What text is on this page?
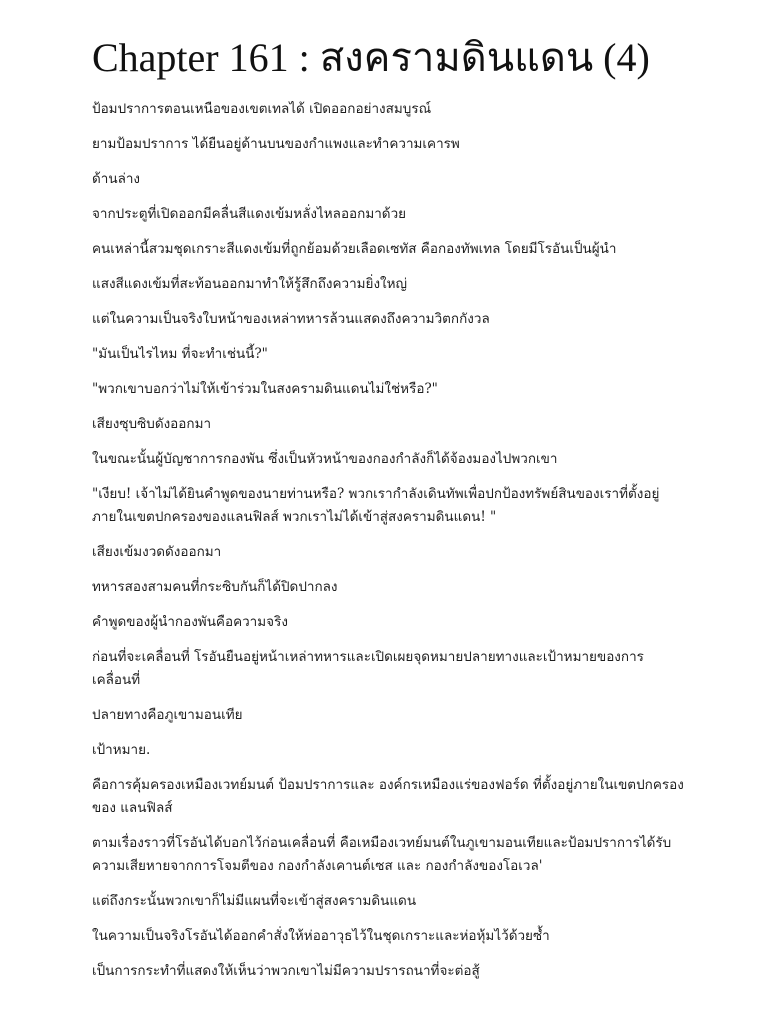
Chapter 161 : สงครามดินแดน (4)

ป้อมปราการตอนเหนือของเขตเทลได้ เปิดออกอย่างสมบูรณ์

ยามป้อมปราการ ได้ยืนอยู่ด้านบนของกำแพงและทำความเคารพ

ด้านล่าง

จากประตูที่เปิดออกมีคลื่นสีแดงเข้มหลั่งไหลออกมาด้วย

คนเหล่านี้สวมชุดเกราะสีแดงเข้มที่ถูกย้อมด้วยเลือดเซทัส คือกองทัพเทล โดยมีโรอันเป็นผู้นำ

แสงสีแดงเข้มที่สะท้อนออกมาทำให้รู้สึกถึงความยิ่งใหญ่

แต่ในความเป็นจริงใบหน้าของเหล่าทหารล้วนแสดงถึงความวิตกกังวล

"มันเป็นไรไหม ที่จะทำเช่นนี้?"

"พวกเขาบอกว่าไม่ให้เข้าร่วมในสงครามดินแดนไม่ใช่หรือ?"

เสียงซุบซิบดังออกมา

ในขณะนั้นผู้บัญชาการกองพัน ซึ่งเป็นหัวหน้าของกองกำลังก็ได้จ้องมองไปพวกเขา

"เงียบ! เจ้าไม่ได้ยินคำพูดของนายท่านหรือ? พวกเรากำลังเดินทัพเพื่อปกป้องทรัพย์สินของเราที่ตั้งอยู่ภายในเขตปกครองของแลนฟิลส์ พวกเราไม่ได้เข้าสู่สงครามดินแดน! "

เสียงเข้มงวดดังออกมา

ทหารสองสามคนที่กระซิบกันก็ได้ปิดปากลง

คำพูดของผู้นำกองพันคือความจริง

ก่อนที่จะเคลื่อนที่ โรอันยืนอยู่หน้าเหล่าทหารและเปิดเผยจุดหมายปลายทางและเป้าหมายของการเคลื่อนที่

ปลายทางคือภูเขามอนเทีย

เป้าหมาย.

คือการคุ้มครองเหมืองเวทย์มนต์ ป้อมปราการและ องค์กรเหมืองแร่ของฟอร์ด ที่ตั้งอยู่ภายในเขตปกครองของ แลนฟิลส์

ตามเรื่องราวที่โรอันได้บอกไว้ก่อนเคลื่อนที่ คือเหมืองเวทย์มนต์ในภูเขามอนเทียและป้อมปราการได้รับความเสียหายจากการโจมตีของ กองกำลังเคานต์เซส และ กองกำลังของโอเวล'

แต่ถึงกระนั้นพวกเขาก็ไม่มีแผนที่จะเข้าสู่สงครามดินแดน

ในความเป็นจริงโรอันได้ออกคำสั่งให้ห่ออาวุธไว้ในชุดเกราะและห่อหุ้มไว้ด้วยซ้ำ

เป็นการกระทำที่แสดงให้เห็นว่าพวกเขาไม่มีความปรารถนาที่จะต่อสู้
